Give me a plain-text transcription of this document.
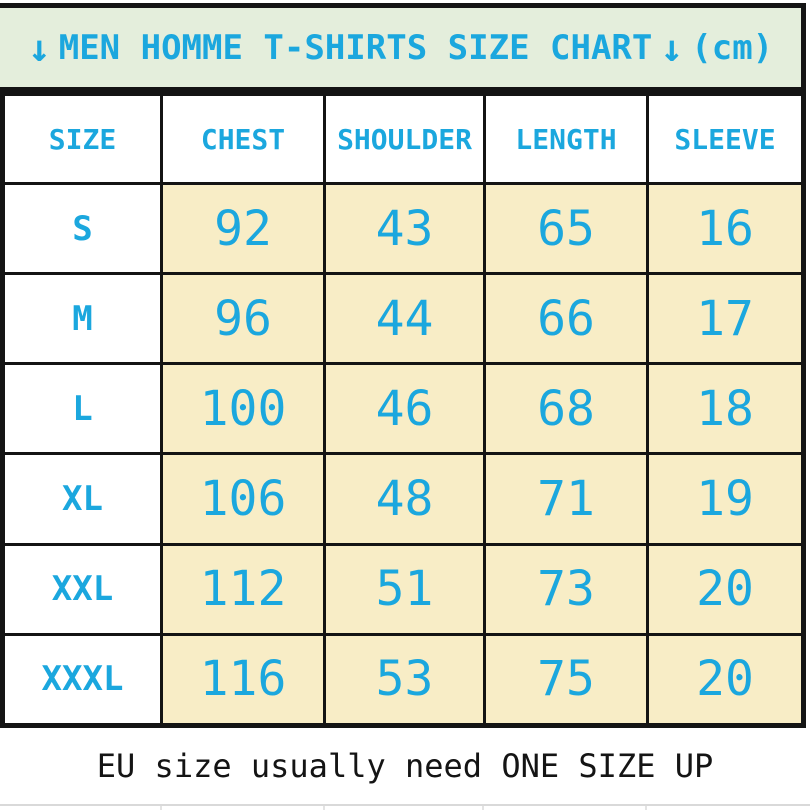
↓ MEN HOMME T-SHIRTS SIZE CHART ↓ (cm)
SIZE	CHEST	SHOULDER	LENGTH	SLEEVE
S	92	43	65	16
M	96	44	66	17
L	100	46	68	18
XL	106	48	71	19
XXL	112	51	73	20
XXXL	116	53	75	20
EU size usually need ONE SIZE UP
